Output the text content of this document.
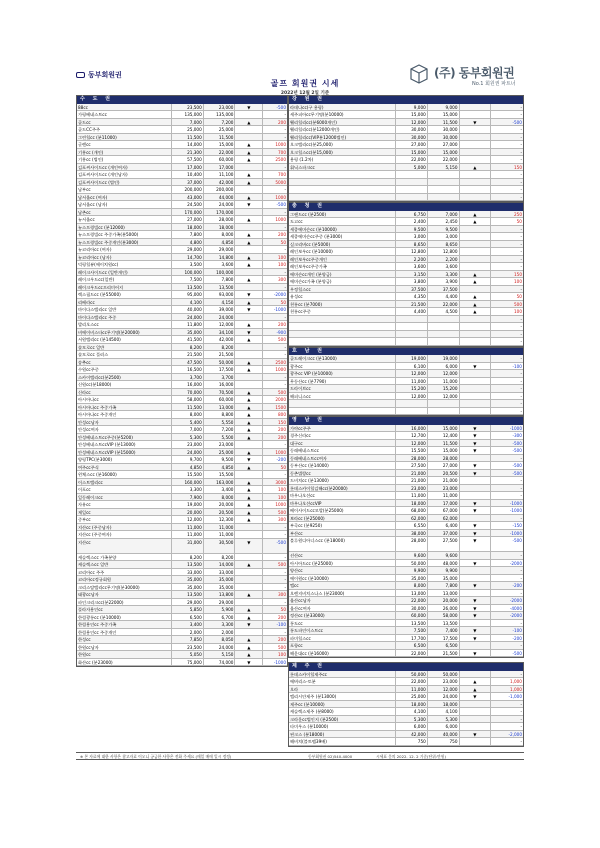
동부회원권
골프 회원권 시세
2022년 12월 2일 기준
(주) 동부회원권
No.1 회원권 파트너
수 도 권
88cc	23,500	23,000	▼	-500
가평베네스트cc	135,000	135,000	-
골드cc	7,000	7,200	▲	200
골드CC주주	25,000	25,000	-
그린힐cc (분11000)	11,500	11,500	-
글렌cc	14,000	15,000	▲	1000
기흥cc (개인)	21,300	22,000	▲	700
기흥cc (법인)	57,500	60,000	▲	2500
김포씨사이드cc (개인여자)	17,000	17,000	-
김포씨사이드cc (개인남자)	10,400	11,100	▲	700
김포씨사이드cc (법인)	37,000	42,000	▲	5000
남부cc	200,000	200,000	-
남서울cc (여자)	43,000	44,000	▲	1000
남서울cc (남자)	24,500	24,000	▼	-500
남촌cc	170,000	170,000	-
뉴서울cc	27,000	28,000	▲	1000
뉴스프링빌cc (분12000)	18,000	18,000	-
뉴스프링빌cc 주중가족(분5000)	7,800	8,000	▲	200
뉴스프링빌cc 주중개인(분3000)	4,800	4,850	▲	50
뉴코리아cc (여자)	29,000	29,000	-
뉴코리아cc (남자)	14,700	14,800	▲	100
덕평힐뷰(에이치원cc)	3,500	3,600	▲	100
레이크사이드cc (일반개인)	100,000	100,000	-
레이크우드cc(일반)	7,500	7,800	▲	300
레이크우드cc프리미어지	13,500	13,500	-
렉스필드cc (분55000)	95,000	93,000	▼	-2000
리베라cc	4,100	4,150	▲	50
마이다스밸리cc 일반	40,000	39,000	▼	-1000
마이다스밸리cc 주중	24,000	24,000	-
발리오스cc	11,800	12,000	▲	200
비에이비스타cc무기명(분20000)	35,000	34,100	▼	-900
서원밸리cc (분14500)	41,500	42,000	▲	500
솔모로cc 일반	8,200	8,200	-
솔모로cc 플러스	21,500	21,500	-
송추cc	47,500	50,000	▲	2500
수원cc주중	16,500	17,500	▲	1000
스카이밸리cc(분2500)	3,700	3,700	-
신원cc(분18000)	16,000	16,000	-
신라cc	70,000	70,500	▲	500
아시아나cc	58,000	60,000	▲	2000
아시아나cc 주중가족	11,500	13,000	▲	1500
아시아나cc 주중개인	8,000	8,800	▲	800
안성cc남자	5,400	5,550	▲	150
안성cc여자	7,000	7,200	▲	200
안성베네스트cc주중(분5200)	5,300	5,500	▲	200
안성베네스트ccVIP (분13000)	23,000	23,000	-
안성베네스트ccVIP (분15000)	24,000	25,000	▲	1000
양평TPC(분3000)	9,700	9,500	▼	-200
여주cc주식	4,850	4,850	▲	50
윈체스cc (분16000)	15,500	15,500	-
이스트밸리cc	160,000	163,000	▲	3000
이포cc	3,300	3,400	▲	100
일동레이크cc	7,900	8,000	▲	100
자유cc	19,000	20,000	▲	1000
제일cc	20,000	20,500	▲	500
중부cc	12,000	12,300	▲	300
지산cc (주중남자)	11,000	11,000	-
지산cc (주중여자)	11,000	11,000	-
지산cc	31,000	30,500	▼	-500
캐슬렉스cc 가족분양	8,200	8,200	-
캐슬렉스cc 일반	13,500	14,000	▲	500
코리아cc 주주	33,000	33,000	-
코리아cc정규회원	35,000	35,000	-
크리스탈밸리cc무기명(분30000)	35,000	35,000	-
태광cc남자	13,500	13,800	▲	300
파인크리크cc(분22000)	29,000	29,000	-
플라자용인cc	5,850	5,900	▲	50
한림광릉cc (분10000)	6,500	6,700	▲	200
한림용인cc 주중가족	3,400	3,300	▼	-100
한림용인cc 주중개인	2,000	2,000	-
한성cc	7,850	8,050	▲	200
한원cc남자	23,500	24,000	▲	500
한원cc	5,050	5,150	▲	100
화산cc (분23000)	75,000	74,000	▼	-1000
강 원 권
라데나cc(구 용평)	9,000	9,000	-
세주피아cc무기명(분10000)	15,000	15,000	-
웰리힐리cc(분6000개인)	12,000	11,500	▼	-500
웰리힐리cc(분12000개인)	30,000	30,000	-
웰리힐리cc(VIP분12000법인)	30,000	30,000	-
오크밸리cc(분25,000)	27,000	27,000	-
오크힐스cc(분15,000)	15,000	15,000	-
용평 (1.2차)	22,000	22,000	-
휘닉스파크cc	5,000	5,150	▲	150
-
-
-
-
충 청 권
그랜드cc (분2500)	6,750	7,000	▲	250
도고cc	2,400	2,450	▲	50
세종에머슨cc (분10000)	9,500	9,500	-
세종에머슨cc주중 (분3000)	3,000	3,000	-
실크리버cc (분5000)	8,650	8,650	-
레인보우cc (분10000)	12,800	12,800	-
레인보우cc주중개인	2,200	2,200	-
레인보우cc주중가족	3,600	3,600	-
에머슨cc개인 (분양금)	3,150	3,300	▲	150
에머슨cc가족 (분양금)	3,800	3,900	▲	100
우정힐스cc	37,500	37,500	-
유성cc	4,350	4,400	▲	50
천룡cc (분7000)	21,500	22,000	▲	500
천룡cc주중	4,400	4,500	▲	100
-
-
-
-
호 남 권
골드레이크cc (분13000)	19,000	19,000	-
광주cc	6,100	6,000	▼	-100
광주cc VIP (분10000)	12,000	12,000	-
무등산cc (분7790)	11,000	11,000	-
드라이브cc	15,200	15,200	-
해피니스cc	12,000	12,000	-
-
-
영 남 권
가야cc주주	16,000	15,000	▼	-1000
경주신라cc	12,700	12,400	▼	-300
대구cc	12,000	11,500	▼	-500
동래베네스트cc	15,500	15,000	▼	-500
동래베네스트cc여자	28,000	28,000	-
동부산cc (분14000)	27,500	27,000	▼	-500
동촌법랑cc	21,000	20,500	▼	-500
드비치cc (분13000)	21,000	21,000	-
롯데스카이힐김해cc(분20000)	23,000	23,000	-
마우나오션cc	11,000	11,000	-
마우나오션ccVIP	18,000	17,000	▼	-1000
베이사이드cc모발(분25000)	68,000	67,000	▼	-1000
보라cc (분25000)	62,000	62,000	-
부곡cc (분9250)	6,550	6,400	▼	-150
부산cc	38,000	37,000	▼	-1000
블루원디아너스cc (분18000)	28,000	27,500	▼	-500
선산cc	9,600	9,600	-
아시아드cc (분25000)	50,000	48,000	▼	-2000
양산cc	9,900	9,900	-
에이원cc (분10000)	35,000	35,000	-
엘cc	8,000	7,800	▼	-200
오렌지비치스나스 (분23000)	13,000	13,000	-
울산cc남자	22,000	20,000	▼	-2000
울산cc여자	30,000	26,000	▼	-4000
정산cc (분33000)	60,000	58,000	▼	-2000
통도cc	13,500	13,500	-
통도파인이스트cc	7,500	7,400	▼	-100
파미힐스cc	17,700	17,500	▼	-200
포항cc	6,500	6,500	-
해운대cc (분16000)	22,000	21,500	▼	-500
제 주 권
롯데스카이힐제주cc	50,000	50,000	-
에버리스-토분	22,000	23,000	▲	1,000
오라	11,000	12,000	▲	1,000
엘리시안제주 (분13000)	25,000	24,000	▼	-1,000
제주cc (분10000)	18,000	18,000	-
캐슬렉스제주 (분8000)	4,100	4,100	-
크라운cc법인지 (분2500)	5,300	5,300	-
타미우스 (분10000)	6,000	6,000	-
핀크스 (분18000)	42,000	40,000	▼	-2,000
해비치(블트펠39배)	750	750	-
※ 본 자료에 대한 사항은 참고자료 이오니 궁금한 사항은 전화 주세요 (매일 매매 일시 정정)	동부회원권 02)540-4000	시세표 문의 2022. 12. 2 기준(단위:만원)
